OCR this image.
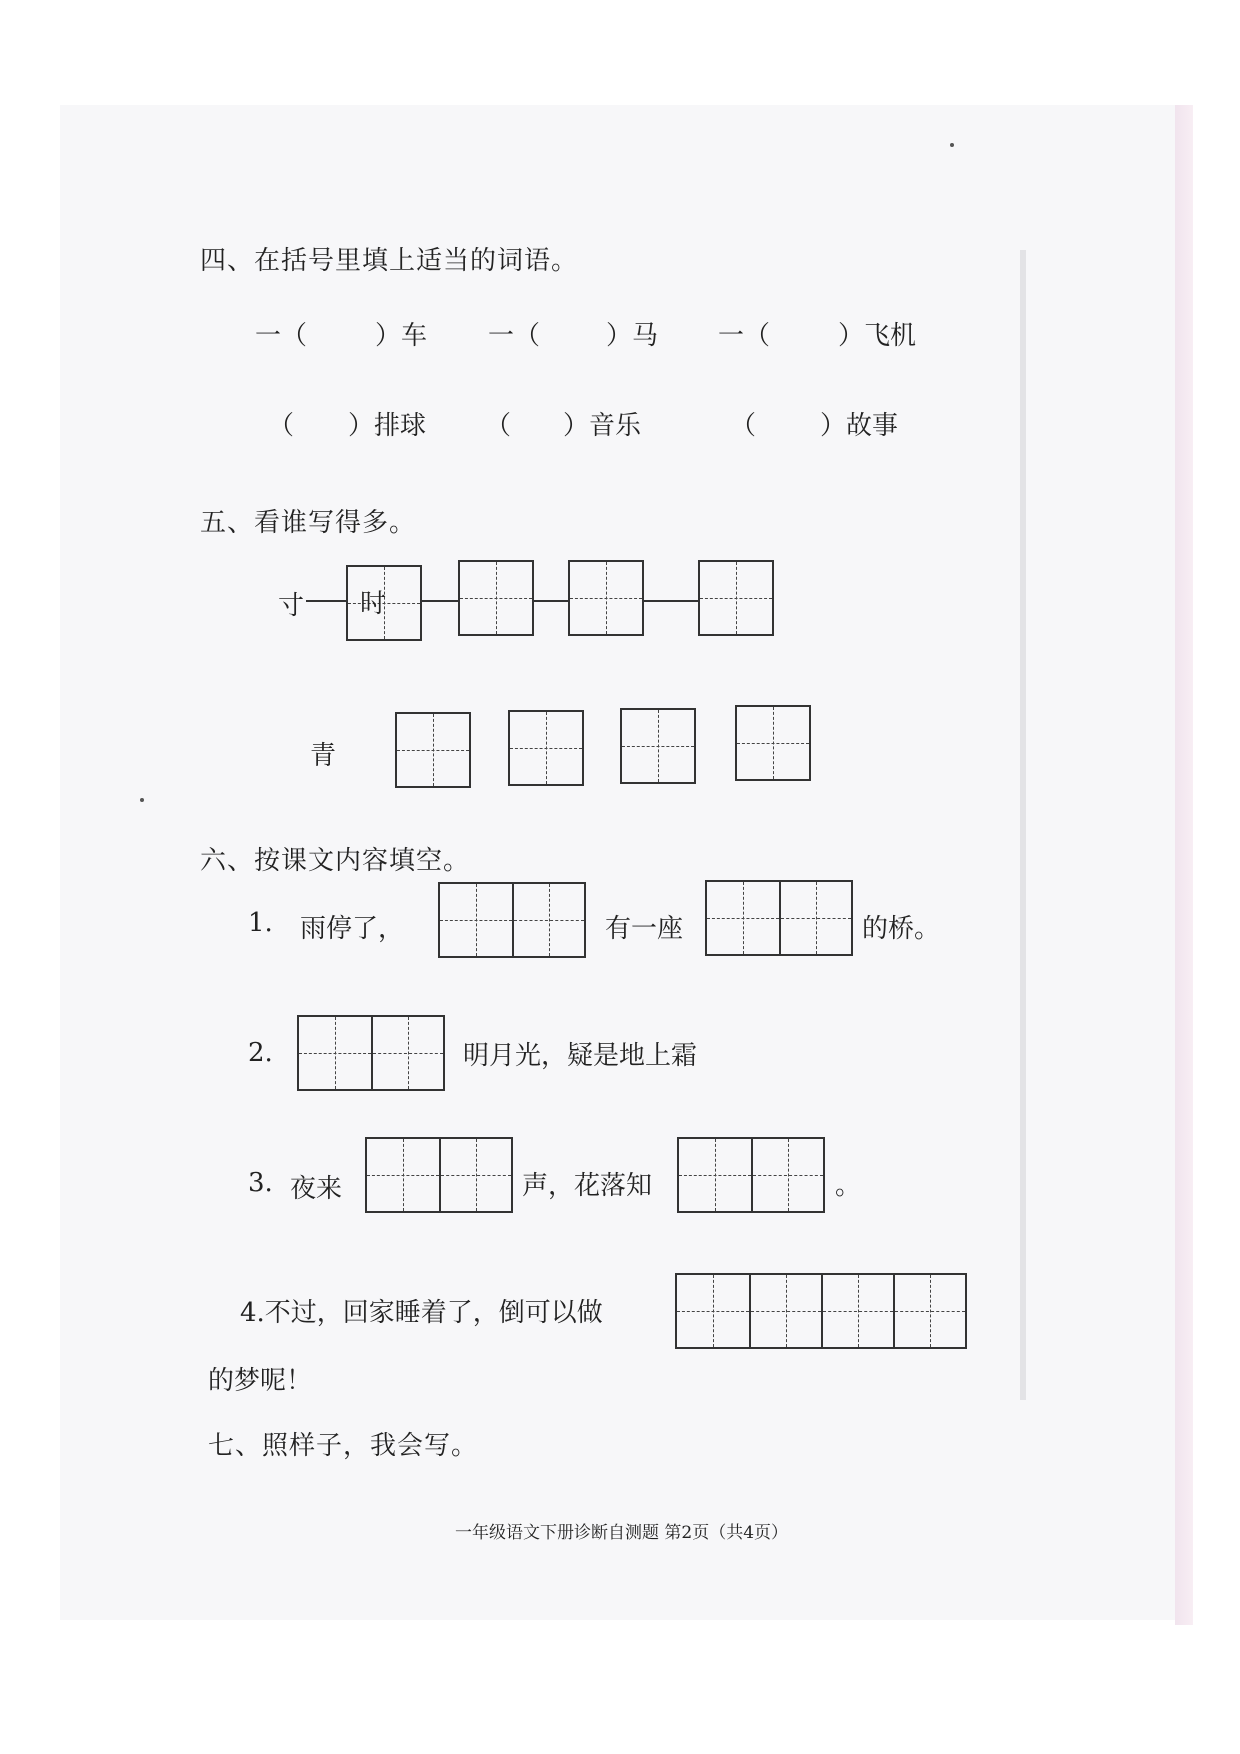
四、在括号里填上适当的词语。
一（	）车 一（	）马 一（	）飞机
（ ）排球 （ ）音乐	（ ）故事
五、看谁写得多。
寸 时
青
六、按课文内容填空。
1. 雨停了，	有一座	的桥。
2.	明月光，疑是地上霜
3. 夜来	声，花落知	。
4.不过，回家睡着了，倒可以做
的梦呢！
七、照样子，我会写。
一年级语文下册诊断自测题 第2页（共4页）
